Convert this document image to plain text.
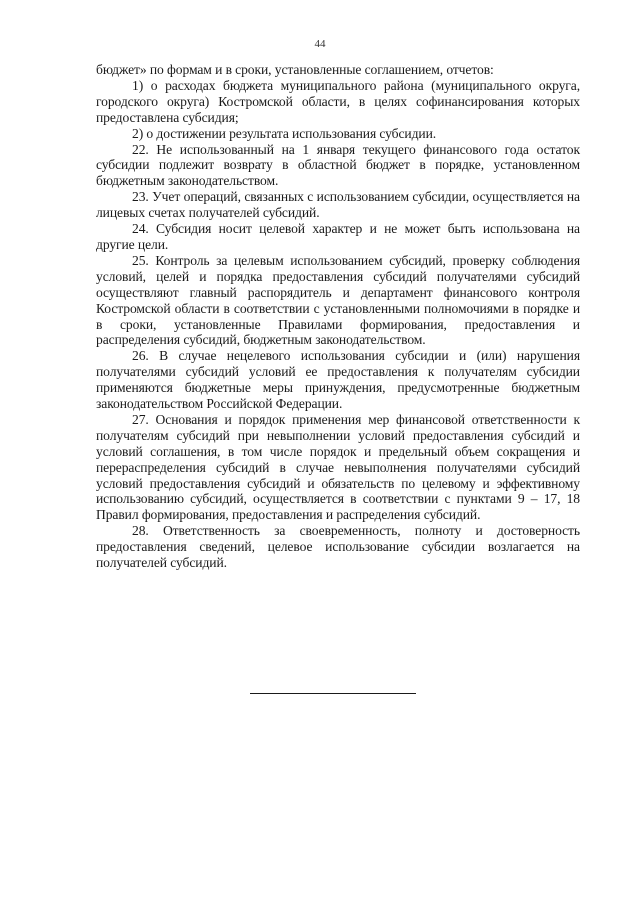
44

бюджет» по формам и в сроки, установленные соглашением, отчетов:

1) о расходах бюджета муниципального района (муниципального округа, городского округа) Костромской области, в целях софинансирования которых предоставлена субсидия;

2) о достижении результата использования субсидии.

22. Не использованный на 1 января текущего финансового года остаток субсидии подлежит возврату в областной бюджет в порядке, установленном бюджетным законодательством.

23. Учет операций, связанных с использованием субсидии, осуществляется на лицевых счетах получателей субсидий.

24. Субсидия носит целевой характер и не может быть использована на другие цели.

25. Контроль за целевым использованием субсидий, проверку соблюдения условий, целей и порядка предоставления субсидий получателями субсидий осуществляют главный распорядитель и департамент финансового контроля Костромской области в соответствии с установленными полномочиями в порядке и в сроки, установленные Правилами формирования, предоставления и распределения субсидий, бюджетным законодательством.

26. В случае нецелевого использования субсидии и (или) нарушения получателями субсидий условий ее предоставления к получателям субсидии применяются бюджетные меры принуждения, предусмотренные бюджетным законодательством Российской Федерации.

27. Основания и порядок применения мер финансовой ответственности к получателям субсидий при невыполнении условий предоставления субсидий и условий соглашения, в том числе порядок и предельный объем сокращения и перераспределения субсидий в случае невыполнения получателями субсидий условий предоставления субсидий и обязательств по целевому и эффективному использованию субсидий, осуществляется в соответствии с пунктами 9 – 17, 18 Правил формирования, предоставления и распределения субсидий.

28. Ответственность за своевременность, полноту и достоверность предоставления сведений, целевое использование субсидии возлагается на получателей субсидий.
